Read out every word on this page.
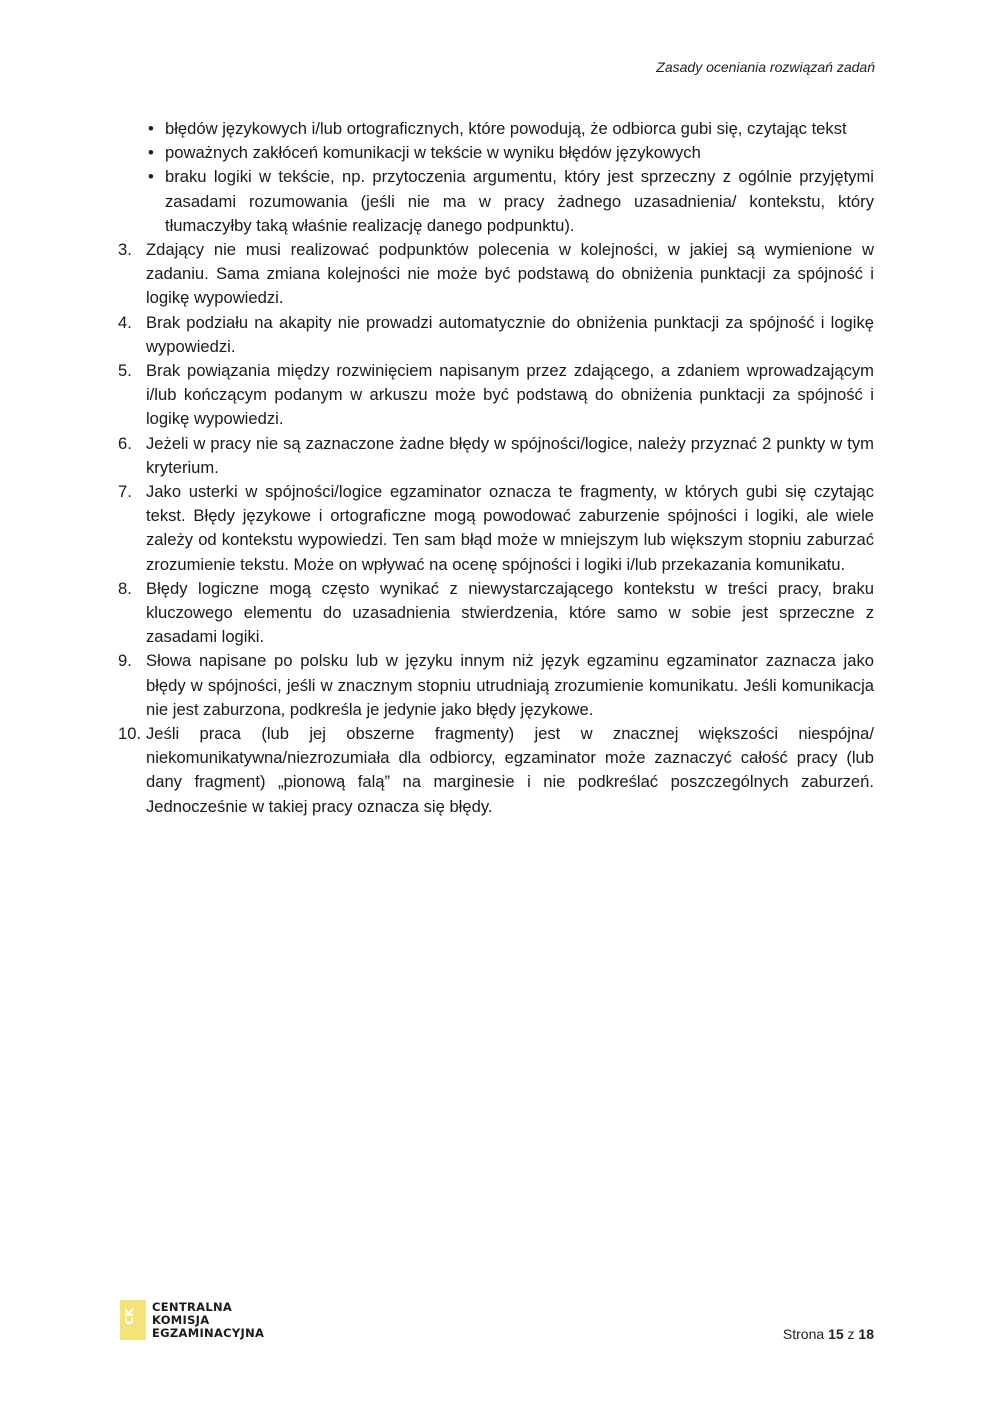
Zasady oceniania rozwiązań zadań
• błędów językowych i/lub ortograficznych, które powodują, że odbiorca gubi się, czytając tekst
• poważnych zakłóceń komunikacji w tekście w wyniku błędów językowych
• braku logiki w tekście, np. przytoczenia argumentu, który jest sprzeczny z ogólnie przyjętymi zasadami rozumowania (jeśli nie ma w pracy żadnego uzasadnienia/ kontekstu, który tłumaczyłby taką właśnie realizację danego podpunktu).
3. Zdający nie musi realizować podpunktów polecenia w kolejności, w jakiej są wymienione w zadaniu. Sama zmiana kolejności nie może być podstawą do obniżenia punktacji za spójność i logikę wypowiedzi.
4. Brak podziału na akapity nie prowadzi automatycznie do obniżenia punktacji za spójność i logikę wypowiedzi.
5. Brak powiązania między rozwinięciem napisanym przez zdającego, a zdaniem wprowadzającym i/lub kończącym podanym w arkuszu może być podstawą do obniżenia punktacji za spójność i logikę wypowiedzi.
6. Jeżeli w pracy nie są zaznaczone żadne błędy w spójności/logice, należy przyznać 2 punkty w tym kryterium.
7. Jako usterki w spójności/logice egzaminator oznacza te fragmenty, w których gubi się czytając tekst. Błędy językowe i ortograficzne mogą powodować zaburzenie spójności i logiki, ale wiele zależy od kontekstu wypowiedzi. Ten sam błąd może w mniejszym lub większym stopniu zaburzać zrozumienie tekstu. Może on wpływać na ocenę spójności i logiki i/lub przekazania komunikatu.
8. Błędy logiczne mogą często wynikać z niewystarczającego kontekstu w treści pracy, braku kluczowego elementu do uzasadnienia stwierdzenia, które samo w sobie jest sprzeczne z zasadami logiki.
9. Słowa napisane po polsku lub w języku innym niż język egzaminu egzaminator zaznacza jako błędy w spójności, jeśli w znacznym stopniu utrudniają zrozumienie komunikatu. Jeśli komunikacja nie jest zaburzona, podkreśla je jedynie jako błędy językowe.
10. Jeśli praca (lub jej obszerne fragmenty) jest w znacznej większości niespójna/ niekomunikatywna/niezrozumiała dla odbiorcy, egzaminator może zaznaczyć całość pracy (lub dany fragment) „pionową falą” na marginesie i nie podkreślać poszczególnych zaburzeń. Jednocześnie w takiej pracy oznacza się błędy.
CK
CENTRALNA
KOMISJA
EGZAMINACYJNA	Strona 15 z 18
